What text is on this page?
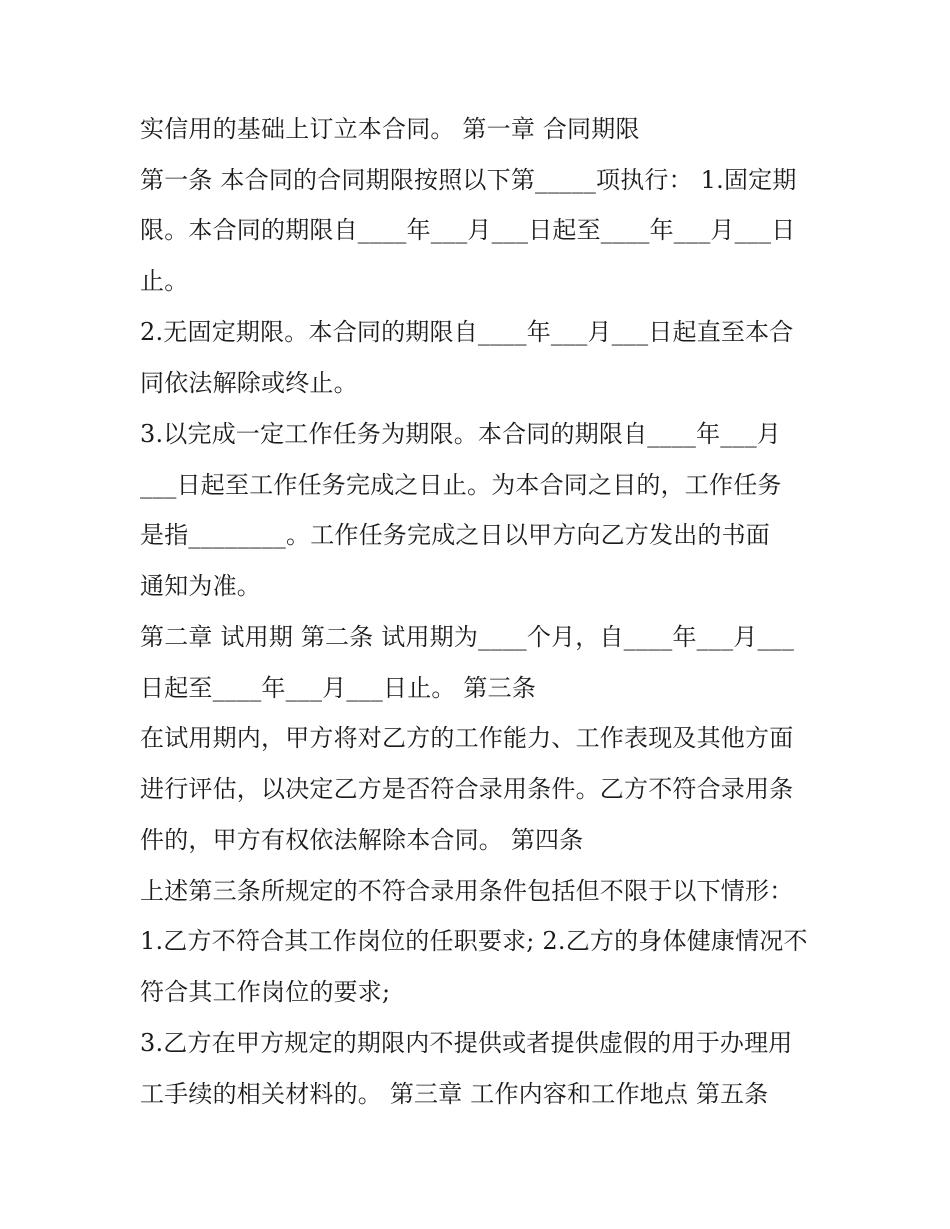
实信用的基础上订立本合同。 第一章 合同期限
第一条 本合同的合同期限按照以下第_____项执行： 1.固定期
限。本合同的期限自____年___月___日起至____年___月___日
止。
2.无固定期限。本合同的期限自____年___月___日起直至本合
同依法解除或终止。
3.以完成一定工作任务为期限。本合同的期限自____年___月
___日起至工作任务完成之日止。为本合同之目的，工作任务
是指________。工作任务完成之日以甲方向乙方发出的书面
通知为准。
第二章 试用期 第二条 试用期为____个月，自____年___月___
日起至____年___月___日止。 第三条
在试用期内，甲方将对乙方的工作能力、工作表现及其他方面
进行评估，以决定乙方是否符合录用条件。乙方不符合录用条
件的，甲方有权依法解除本合同。 第四条
上述第三条所规定的不符合录用条件包括但不限于以下情形：
1.乙方不符合其工作岗位的任职要求; 2.乙方的身体健康情况不
符合其工作岗位的要求;
3.乙方在甲方规定的期限内不提供或者提供虚假的用于办理用
工手续的相关材料的。 第三章 工作内容和工作地点 第五条
